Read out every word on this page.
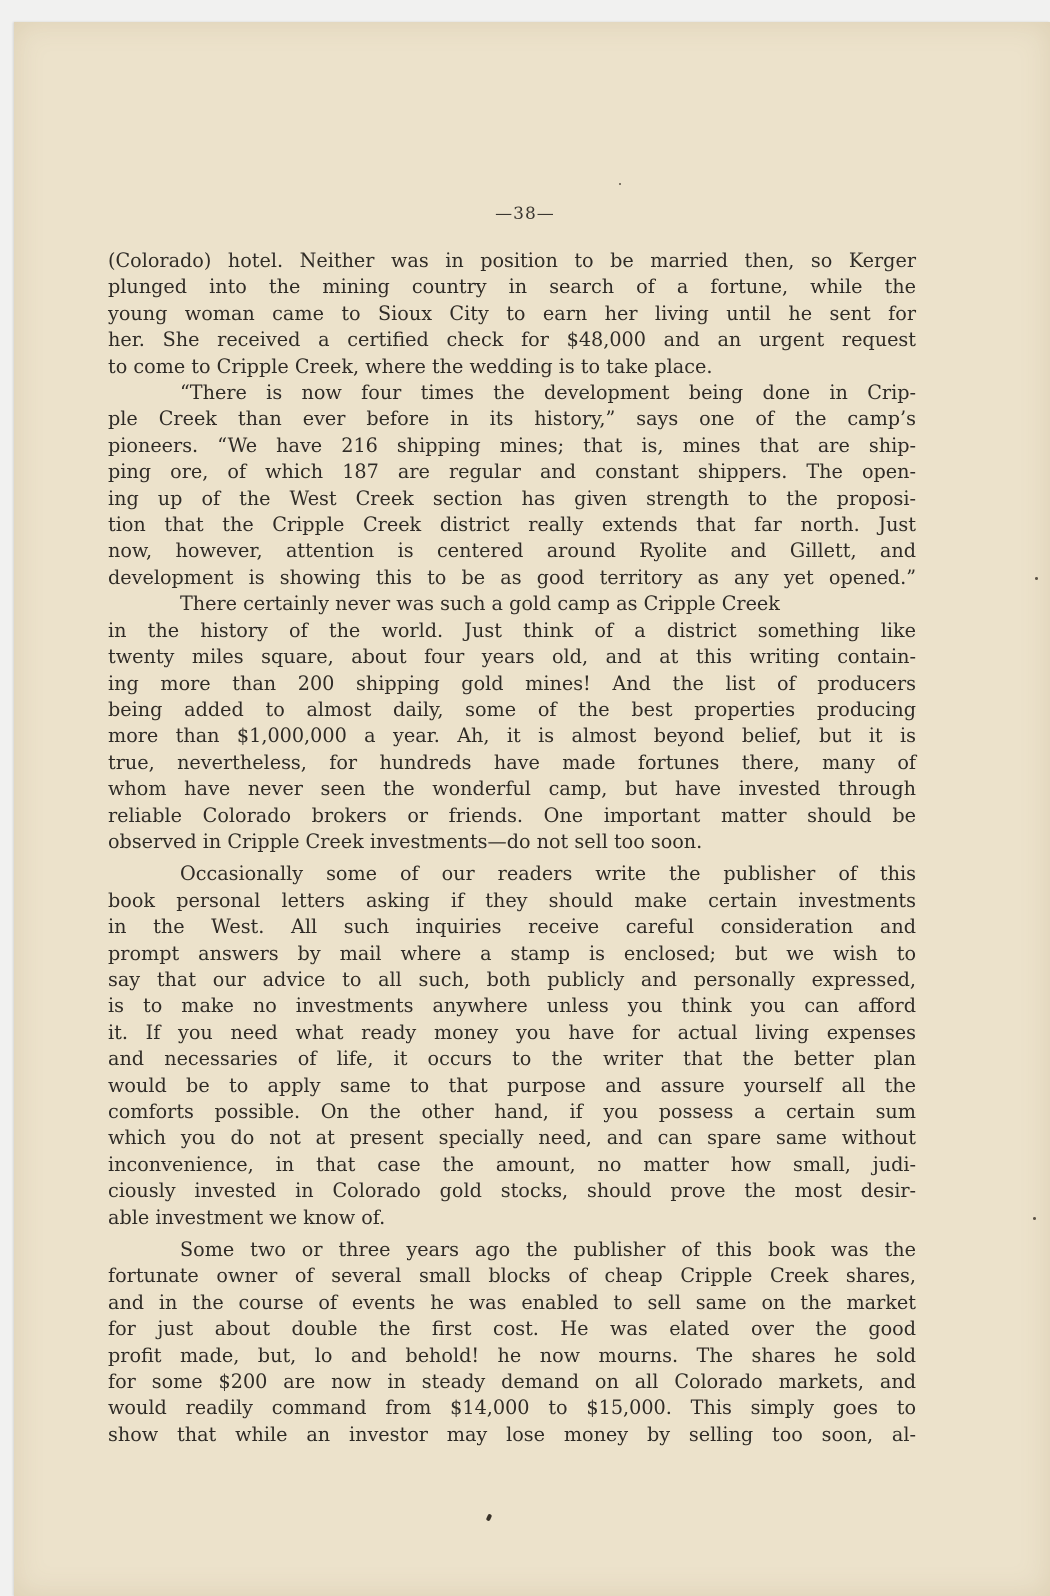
—38—
(Colorado) hotel. Neither was in position to be married then, so Kerger
plunged into the mining country in search of a fortune, while the
young woman came to Sioux City to earn her living until he sent for
her. She received a certified check for $48,000 and an urgent request
to come to Cripple Creek, where the wedding is to take place.
“There is now four times the development being done in Crip-
ple Creek than ever before in its history,” says one of the camp’s
pioneers. “We have 216 shipping mines; that is, mines that are ship-
ping ore, of which 187 are regular and constant shippers. The open-
ing up of the West Creek section has given strength to the proposi-
tion that the Cripple Creek district really extends that far north. Just
now, however, attention is centered around Ryolite and Gillett, and
development is showing this to be as good territory as any yet opened.”
There certainly never was such a gold camp as Cripple Creek
in the history of the world. Just think of a district something like
twenty miles square, about four years old, and at this writing contain-
ing more than 200 shipping gold mines! And the list of producers
being added to almost daily, some of the best properties producing
more than $1,000,000 a year. Ah, it is almost beyond belief, but it is
true, nevertheless, for hundreds have made fortunes there, many of
whom have never seen the wonderful camp, but have invested through
reliable Colorado brokers or friends. One important matter should be
observed in Cripple Creek investments—do not sell too soon.
Occasionally some of our readers write the publisher of this
book personal letters asking if they should make certain investments
in the West. All such inquiries receive careful consideration and
prompt answers by mail where a stamp is enclosed; but we wish to
say that our advice to all such, both publicly and personally expressed,
is to make no investments anywhere unless you think you can afford
it. If you need what ready money you have for actual living expenses
and necessaries of life, it occurs to the writer that the better plan
would be to apply same to that purpose and assure yourself all the
comforts possible. On the other hand, if you possess a certain sum
which you do not at present specially need, and can spare same without
inconvenience, in that case the amount, no matter how small, judi-
ciously invested in Colorado gold stocks, should prove the most desir-
able investment we know of.
Some two or three years ago the publisher of this book was the
fortunate owner of several small blocks of cheap Cripple Creek shares,
and in the course of events he was enabled to sell same on the market
for just about double the first cost. He was elated over the good
profit made, but, lo and behold! he now mourns. The shares he sold
for some $200 are now in steady demand on all Colorado markets, and
would readily command from $14,000 to $15,000. This simply goes to
show that while an investor may lose money by selling too soon, al-
